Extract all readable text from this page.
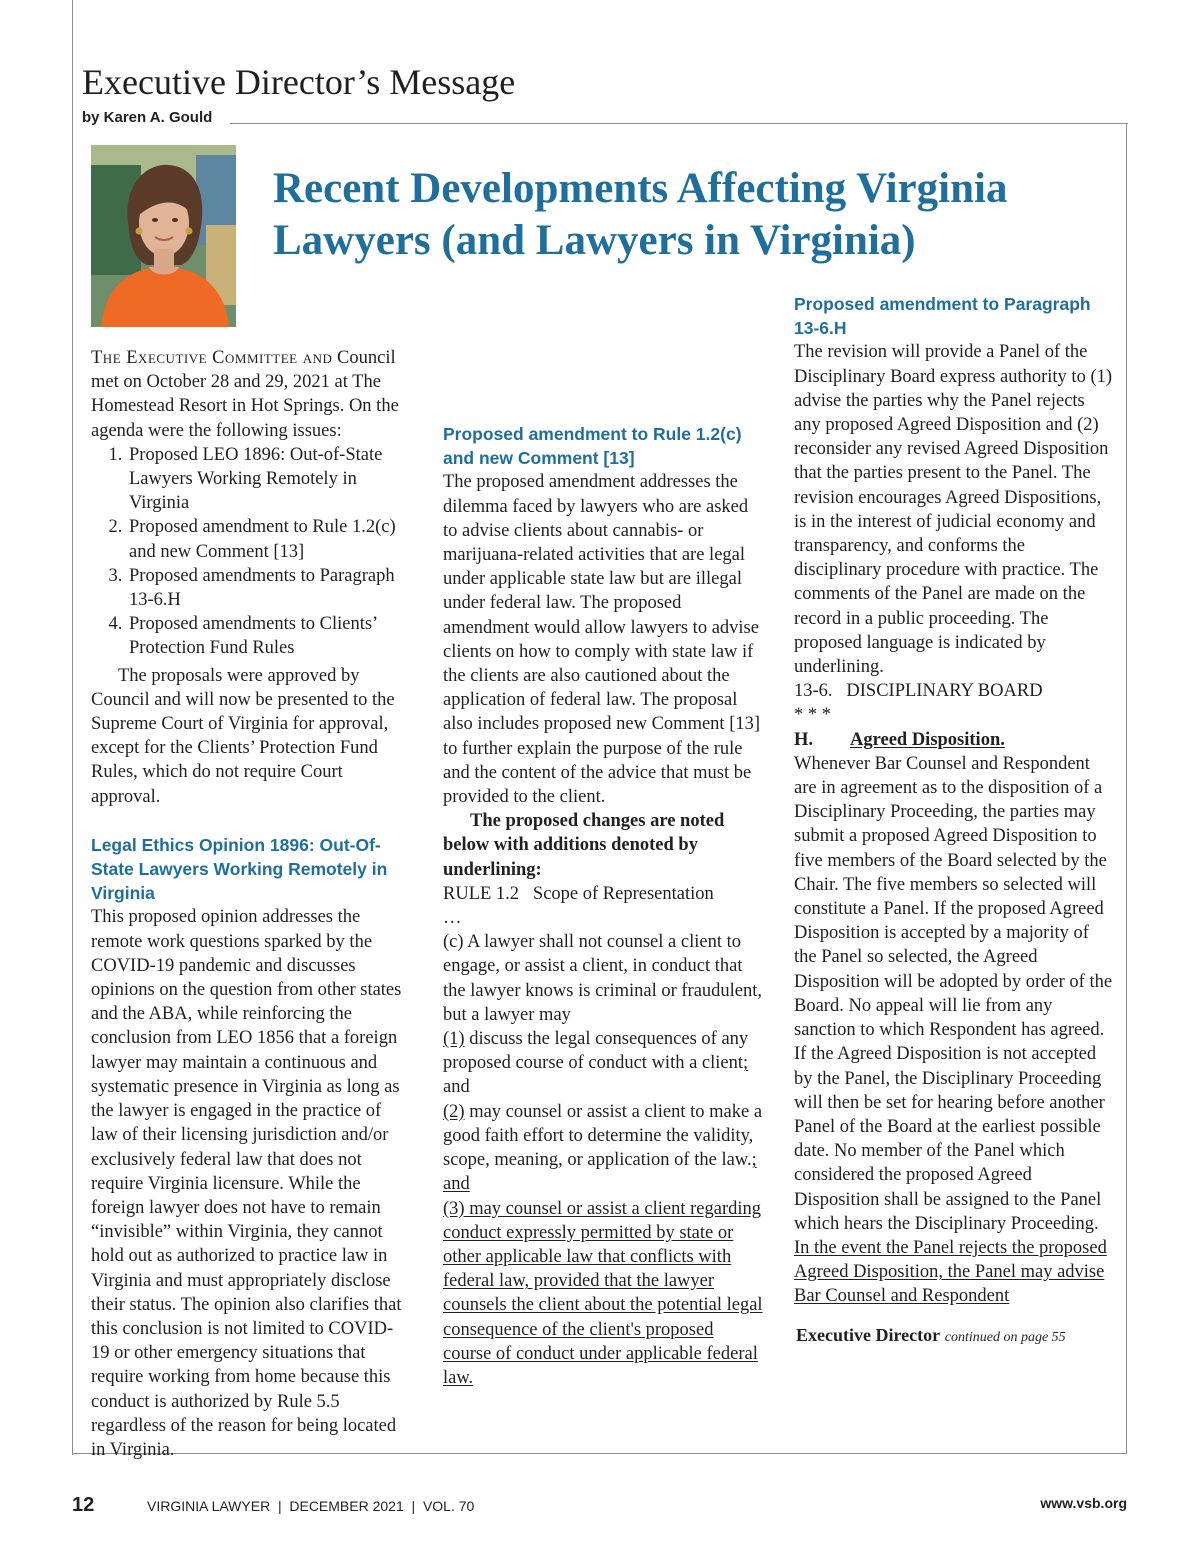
Executive Director’s Message
by Karen A. Gould
Recent Developments Affecting Virginia Lawyers (and Lawyers in Virginia)

The Executive Committee and Council met on October 28 and 29, 2021 at The Homestead Resort in Hot Springs. On the agenda were the following issues:

1. Proposed LEO 1896: Out-of-State Lawyers Working Remotely in Virginia
2. Proposed amendment to Rule 1.2(c) and new Comment [13]
3. Proposed amendments to Paragraph 13-6.H
4. Proposed amendments to Clients’ Protection Fund Rules

The proposals were approved by Council and will now be presented to the Supreme Court of Virginia for approval, except for the Clients’ Protection Fund Rules, which do not require Court approval.

Legal Ethics Opinion 1896: Out-Of-State Lawyers Working Remotely in Virginia

This proposed opinion addresses the remote work questions sparked by the COVID-19 pandemic and discusses opinions on the question from other states and the ABA, while reinforcing the conclusion from LEO 1856 that a foreign lawyer may maintain a continuous and systematic presence in Virginia as long as the lawyer is engaged in the practice of law of their licensing jurisdiction and/or exclusively federal law that does not require Virginia licensure. While the foreign lawyer does not have to remain “invisible” within Virginia, they cannot hold out as authorized to practice law in Virginia and must appropriately disclose their status. The opinion also clarifies that this conclusion is not limited to COVID-19 or other emergency situations that require working from home because this conduct is authorized by Rule 5.5 regardless of the reason for being located in Virginia.

Proposed amendment to Rule 1.2(c) and new Comment [13]

The proposed amendment addresses the dilemma faced by lawyers who are asked to advise clients about cannabis- or marijuana-related activities that are legal under applicable state law but are illegal under federal law. The proposed amendment would allow lawyers to advise clients on how to comply with state law if the clients are also cautioned about the application of federal law. The proposal also includes proposed new Comment [13] to further explain the purpose of the rule and the content of the advice that must be provided to the client.

The proposed changes are noted below with additions denoted by underlining:

RULE 1.2   Scope of Representation

…

(c) A lawyer shall not counsel a client to engage, or assist a client, in conduct that the lawyer knows is criminal or fraudulent, but a lawyer may

(1) discuss the legal consequences of any proposed course of conduct with a client; and

(2) may counsel or assist a client to make a good faith effort to determine the validity, scope, meaning, or application of the law.; and

(3) may counsel or assist a client regarding conduct expressly permitted by state or other applicable law that conflicts with federal law, provided that the lawyer counsels the client about the potential legal consequence of the client's proposed course of conduct under applicable federal law.

Proposed amendment to Paragraph 13-6.H

The revision will provide a Panel of the Disciplinary Board express authority to (1) advise the parties why the Panel rejects any proposed Agreed Disposition and (2) reconsider any revised Agreed Disposition that the parties present to the Panel. The revision encourages Agreed Dispositions, is in the interest of judicial economy and transparency, and conforms the disciplinary procedure with practice. The comments of the Panel are made on the record in a public proceeding. The proposed language is indicated by underlining.

13-6.   DISCIPLINARY BOARD

* * *

H. Agreed Disposition.

Whenever Bar Counsel and Respondent are in agreement as to the disposition of a Disciplinary Proceeding, the parties may submit a proposed Agreed Disposition to five members of the Board selected by the Chair. The five members so selected will constitute a Panel. If the proposed Agreed Disposition is accepted by a majority of the Panel so selected, the Agreed Disposition will be adopted by order of the Board. No appeal will lie from any sanction to which Respondent has agreed. If the Agreed Disposition is not accepted by the Panel, the Disciplinary Proceeding will then be set for hearing before another Panel of the Board at the earliest possible date. No member of the Panel which considered the proposed Agreed Disposition shall be assigned to the Panel which hears the Disciplinary Proceeding. In the event the Panel rejects the proposed Agreed Disposition, the Panel may advise Bar Counsel and Respondent

Executive Director continued on page 55

12	VIRGINIA LAWYER  |  DECEMBER 2021  |  VOL. 70	www.vsb.org
